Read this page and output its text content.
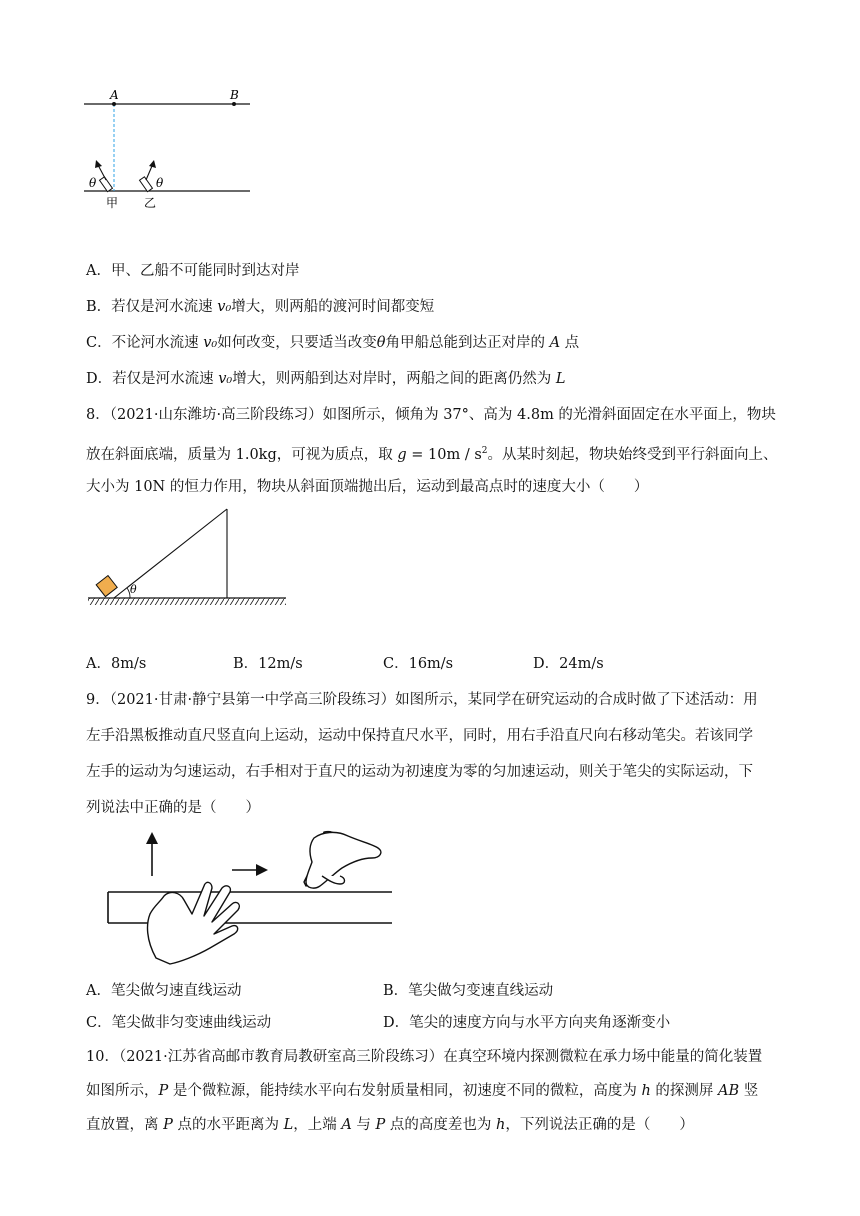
A	B
θ	θ
甲 乙
A．甲、乙船不可能同时到达对岸
B．若仅是河水流速 v₀增大，则两船的渡河时间都变短
C．不论河水流速 v₀如何改变，只要适当改变θ角甲船总能到达正对岸的 A 点
D．若仅是河水流速 v₀增大，则两船到达对岸时，两船之间的距离仍然为 L
8．（2021·山东潍坊·高三阶段练习）如图所示，倾角为 37°、高为 4.8m 的光滑斜面固定在水平面上，物块
放在斜面底端，质量为 1.0kg，可视为质点，取 $g = 10m / s^2$。从某时刻起，物块始终受到平行斜面向上、
大小为 10N 的恒力作用，物块从斜面顶端抛出后，运动到最高点时的速度大小（　　）
θ
A．8m/s	B．12m/s	C．16m/s	D．24m/s
9．（2021·甘肃·静宁县第一中学高三阶段练习）如图所示，某同学在研究运动的合成时做了下述活动：用
左手沿黑板推动直尺竖直向上运动，运动中保持直尺水平，同时，用右手沿直尺向右移动笔尖。若该同学
左手的运动为匀速运动，右手相对于直尺的运动为初速度为零的匀加速运动，则关于笔尖的实际运动，下
列说法中正确的是（　　）
A．笔尖做匀速直线运动	B．笔尖做匀变速直线运动
C．笔尖做非匀变速曲线运动	D．笔尖的速度方向与水平方向夹角逐渐变小
10．（2021·江苏省高邮市教育局教研室高三阶段练习）在真空环境内探测微粒在承力场中能量的简化装置
如图所示，P 是个微粒源，能持续水平向右发射质量相同，初速度不同的微粒，高度为 h 的探测屏 AB 竖
直放置，离 P 点的水平距离为 L，上端 A 与 P 点的高度差也为 h，下列说法正确的是（　　）
